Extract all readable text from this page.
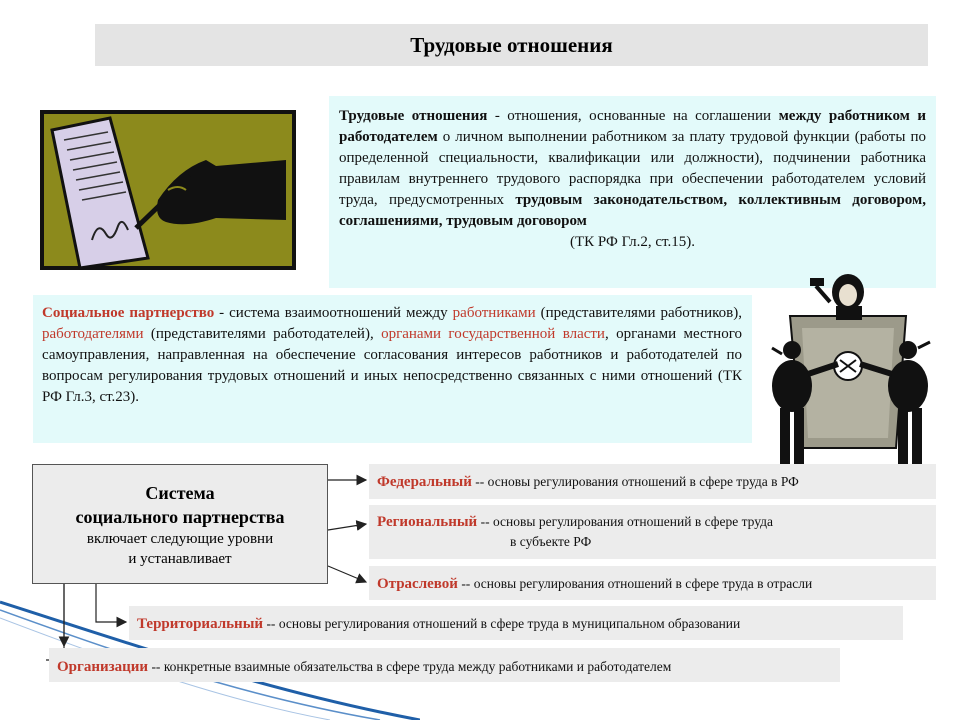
Трудовые отношения
Трудовые отношения - отношения, основанные на соглашении между работником и работодателем о личном выполнении работником за плату трудовой функции (работы по определенной специальности, квалификации или должности), подчинении работника правилам внутреннего трудового распорядка при обеспечении работодателем условий труда, предусмотренных трудовым законодательством, коллективным договором, соглашениями, трудовым договором
(ТК РФ Гл.2, ст.15).
Социальное партнерство - система взаимоотношений между работниками (представителями работников), работодателями (представителями работодателей), органами государственной власти, органами местного самоуправления, направленная на обеспечение согласования интересов работников и работодателей по вопросам регулирования трудовых отношений и иных непосредственно связанных с ними отношений (ТК РФ Гл.3, ст.23).
Система
социального партнерства
включает следующие уровни
и устанавливает
Федеральный -- основы регулирования отношений в сфере труда в РФ
Региональный -- основы регулирования отношений в сфере труда
в субъекте РФ
Отраслевой -- основы регулирования отношений в сфере труда в отрасли
Территориальный -- основы регулирования отношений в сфере труда в муниципальном образовании
Организации -- конкретные взаимные обязательства в сфере труда между работниками и работодателем
